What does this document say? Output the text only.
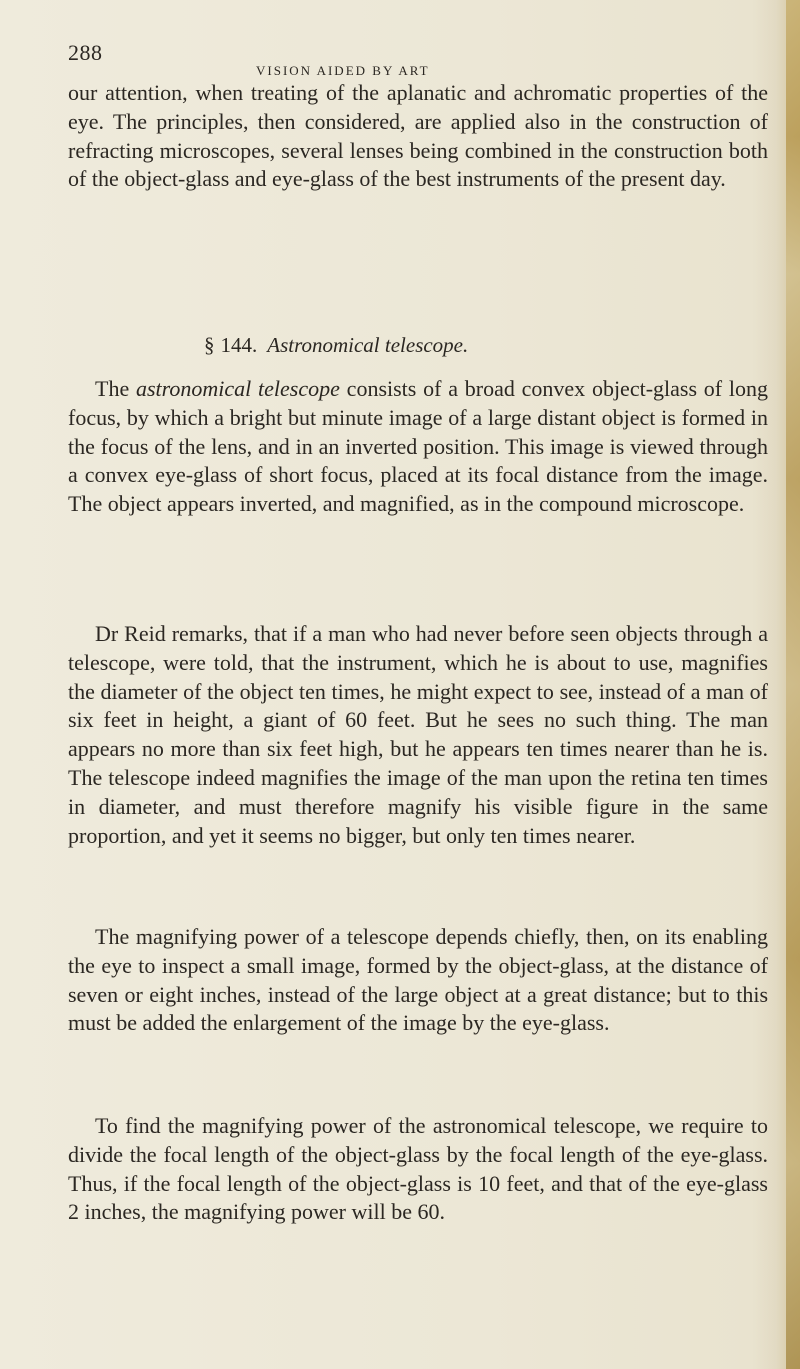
288

VISION AIDED BY ART

our attention, when treating of the aplanatic and achromatic properties of the eye. The principles, then considered, are applied also in the construction of refracting microscopes, several lenses being combined in the construction both of the object-glass and eye-glass of the best instruments of the present day.

§ 144. Astronomical telescope.

The astronomical telescope consists of a broad convex object-glass of long focus, by which a bright but minute image of a large distant object is formed in the focus of the lens, and in an inverted position. This image is viewed through a convex eye-glass of short focus, placed at its focal distance from the image. The object appears inverted, and magnified, as in the compound microscope.

Dr Reid remarks, that if a man who had never before seen objects through a telescope, were told, that the instrument, which he is about to use, magnifies the diameter of the object ten times, he might expect to see, instead of a man of six feet in height, a giant of 60 feet. But he sees no such thing. The man appears no more than six feet high, but he appears ten times nearer than he is. The telescope indeed magnifies the image of the man upon the retina ten times in diameter, and must therefore magnify his visible figure in the same proportion, and yet it seems no bigger, but only ten times nearer.

The magnifying power of a telescope depends chiefly, then, on its enabling the eye to inspect a small image, formed by the object-glass, at the distance of seven or eight inches, instead of the large object at a great distance; but to this must be added the enlargement of the image by the eye-glass.

To find the magnifying power of the astronomical telescope, we require to divide the focal length of the object-glass by the focal length of the eye-glass. Thus, if the focal length of the object-glass is 10 feet, and that of the eye-glass 2 inches, the magnifying power will be 60.
